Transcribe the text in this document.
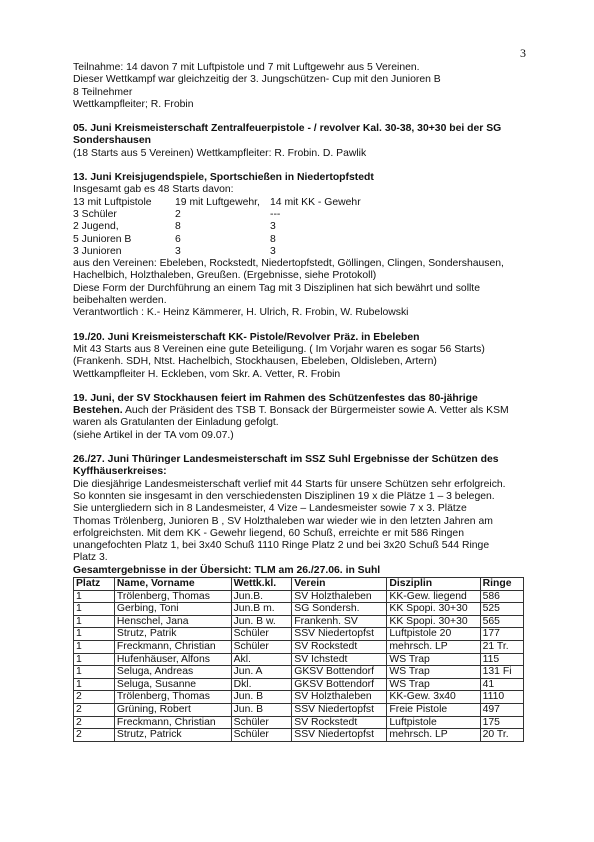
3

Teilnahme: 14 davon 7 mit Luftpistole und 7 mit Luftgewehr aus 5 Vereinen.

Dieser Wettkampf war gleichzeitig der 3. Jungschützen- Cup mit den Junioren B

8 Teilnehmer

Wettkampfleiter; R. Frobin

05. Juni Kreismeisterschaft Zentralfeuerpistole - / revolver Kal. 30-38, 30+30 bei der SG

Sondershausen

(18 Starts aus 5 Vereinen) Wettkampfleiter: R. Frobin. D. Pawlik

13. Juni Kreisjugendspiele, Sportschießen in Niedertopfstedt

Insgesamt gab es 48 Starts davon:

13 mit Luftpistole	19 mit Luftgewehr, 14 mit KK - Gewehr
3 Schüler	2	---
2 Jugend,	8	3
5 Junioren B	6	8
3 Junioren	3	3

aus den Vereinen: Ebeleben, Rockstedt, Niedertopfstedt, Göllingen, Clingen, Sondershausen,

Hachelbich, Holzthaleben, Greußen. (Ergebnisse, siehe Protokoll)

Diese Form der Durchführung an einem Tag mit 3 Disziplinen hat sich bewährt und sollte

beibehalten werden.

Verantwortlich : K.- Heinz Kämmerer, H. Ulrich, R. Frobin, W. Rubelowski

19./20. Juni Kreismeisterschaft KK- Pistole/Revolver Präz. in Ebeleben

Mit 43 Starts aus 8 Vereinen eine gute Beteiligung. ( Im Vorjahr waren es sogar 56 Starts)

(Frankenh. SDH, Ntst. Hachelbich, Stockhausen, Ebeleben, Oldisleben, Artern)

Wettkampfleiter H. Eckleben, vom Skr. A. Vetter, R. Frobin

19. Juni, der SV Stockhausen feiert im Rahmen des Schützenfestes das 80-jährige

Bestehen. Auch der Präsident des TSB T. Bonsack der Bürgermeister sowie A. Vetter als KSM

waren als Gratulanten der Einladung gefolgt.

(siehe Artikel in der TA vom 09.07.)

26./27. Juni Thüringer Landesmeisterschaft im SSZ Suhl Ergebnisse der Schützen des

Kyffhäuserkreises:

Die diesjährige Landesmeisterschaft verlief mit 44 Starts für unsere Schützen sehr erfolgreich.

So konnten sie insgesamt in den verschiedensten Disziplinen 19 x die Plätze 1 – 3 belegen.

Sie untergliedern sich in 8 Landesmeister, 4 Vize – Landesmeister sowie 7 x 3. Plätze

Thomas Trölenberg, Junioren B , SV Holzthaleben war wieder wie in den letzten Jahren am

erfolgreichsten. Mit dem KK - Gewehr liegend, 60 Schuß, erreichte er mit 586 Ringen

unangefochten Platz 1, bei 3x40 Schuß 1110 Ringe Platz 2 und bei 3x20 Schuß 544 Ringe

Platz 3.

Gesamtergebnisse in der Übersicht: TLM am 26./27.06. in Suhl

Platz	Name, Vorname	Wettk.kl.	Verein	Disziplin	Ringe
1	Trölenberg, Thomas	Jun.B.	SV Holzthaleben	KK-Gew. liegend	586
1	Gerbing, Toni	Jun.B m.	SG Sondersh.	KK Spopi. 30+30	525
1	Henschel, Jana	Jun. B w.	Frankenh. SV	KK Spopi. 30+30	565
1	Strutz, Patrik	Schüler	SSV Niedertopfst	Luftpistole 20	177
1	Freckmann, Christian	Schüler	SV Rockstedt	mehrsch. LP	21 Tr.
1	Hufenhäuser, Alfons	Akl.	SV Ichstedt	WS Trap	115
1	Seluga, Andreas	Jun. A	GKSV Bottendorf	WS Trap	131 Fi
1	Seluga, Susanne	Dkl.	GKSV Bottendorf	WS Trap	41
2	Trölenberg, Thomas	Jun. B	SV Holzthaleben	KK-Gew. 3x40	1110
2	Grüning, Robert	Jun. B	SSV Niedertopfst	Freie Pistole	497
2	Freckmann, Christian	Schüler	SV Rockstedt	Luftpistole	175
2	Strutz, Patrick	Schüler	SSV Niedertopfst	mehrsch. LP	20 Tr.
